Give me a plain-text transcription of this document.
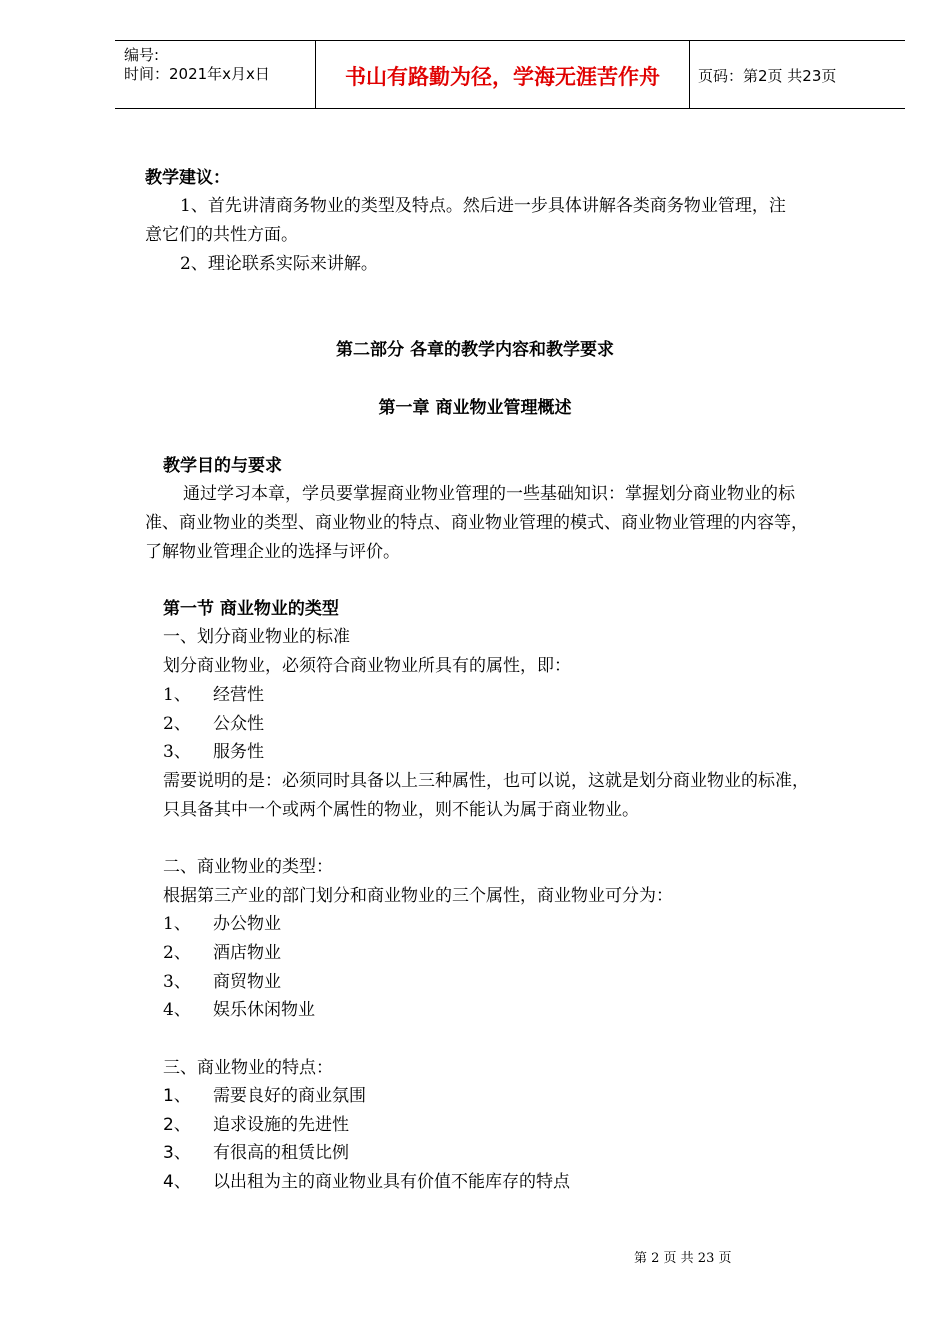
编号:
时间：2021年x月x日	书山有路勤为径，学海无涯苦作舟	页码：第2页 共23页
教学建议：
1、首先讲清商务物业的类型及特点。然后进一步具体讲解各类商务物业管理，注
意它们的共性方面。
2、理论联系实际来讲解。
第二部分 各章的教学内容和教学要求
第一章 商业物业管理概述
教学目的与要求
通过学习本章，学员要掌握商业物业管理的一些基础知识：掌握划分商业物业的标
准、商业物业的类型、商业物业的特点、商业物业管理的模式、商业物业管理的内容等，
了解物业管理企业的选择与评价。
第一节 商业物业的类型
一、划分商业物业的标准
划分商业物业，必须符合商业物业所具有的属性，即：
1、 经营性
2、 公众性
3、 服务性
需要说明的是：必须同时具备以上三种属性，也可以说，这就是划分商业物业的标准，
只具备其中一个或两个属性的物业，则不能认为属于商业物业。
二、商业物业的类型：
根据第三产业的部门划分和商业物业的三个属性，商业物业可分为：
1、 办公物业
2、 酒店物业
3、 商贸物业
4、 娱乐休闲物业
三、商业物业的特点：
1、 需要良好的商业氛围
2、 追求设施的先进性
3、 有很高的租赁比例
4、 以出租为主的商业物业具有价值不能库存的特点
第 2 页 共 23 页
